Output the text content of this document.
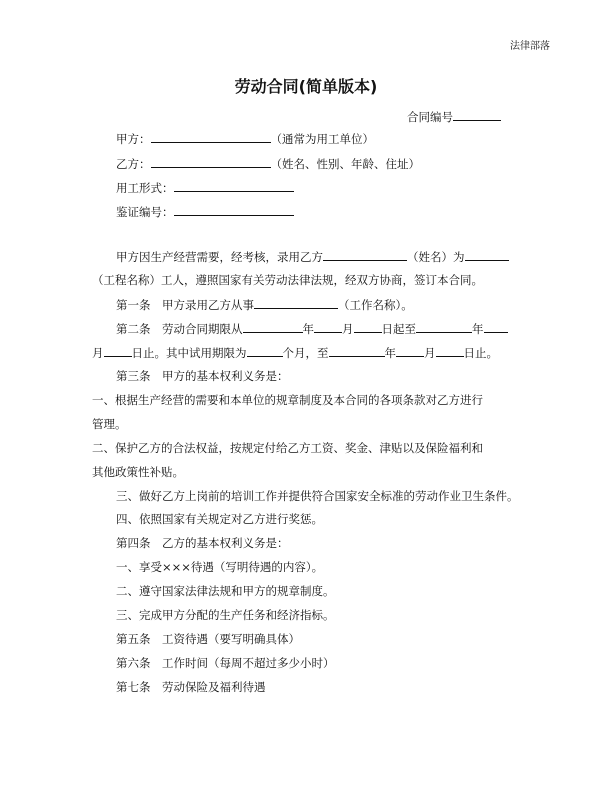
法律部落
劳动合同(简单版本)
合同编号
甲方：	（通常为用工单位）
乙方：	（姓名、性别、年龄、住址）
用工形式：
鉴证编号：
甲方因生产经营需要，经考核，录用乙方	（姓名）为
（工程名称）工人，遵照国家有关劳动法律法规，经双方协商，签订本合同。
第一条　甲方录用乙方从事	（工作名称）。
第二条　劳动合同期限从	年 月 日起至	年
月 日止。其中试用期限为	个月，至	年 月 日止。
第三条　甲方的基本权利义务是：
一、根据生产经营的需要和本单位的规章制度及本合同的各项条款对乙方进行
管理。
二、保护乙方的合法权益，按规定付给乙方工资、奖金、津贴以及保险福利和
其他政策性补贴。
三、做好乙方上岗前的培训工作并提供符合国家安全标准的劳动作业卫生条件。
四、依照国家有关规定对乙方进行奖惩。
第四条　乙方的基本权利义务是：
一、享受×××待遇（写明待遇的内容）。
二、遵守国家法律法规和甲方的规章制度。
三、完成甲方分配的生产任务和经济指标。
第五条　工资待遇（要写明确具体）
第六条　工作时间（每周不超过多少小时）
第七条　劳动保险及福利待遇
